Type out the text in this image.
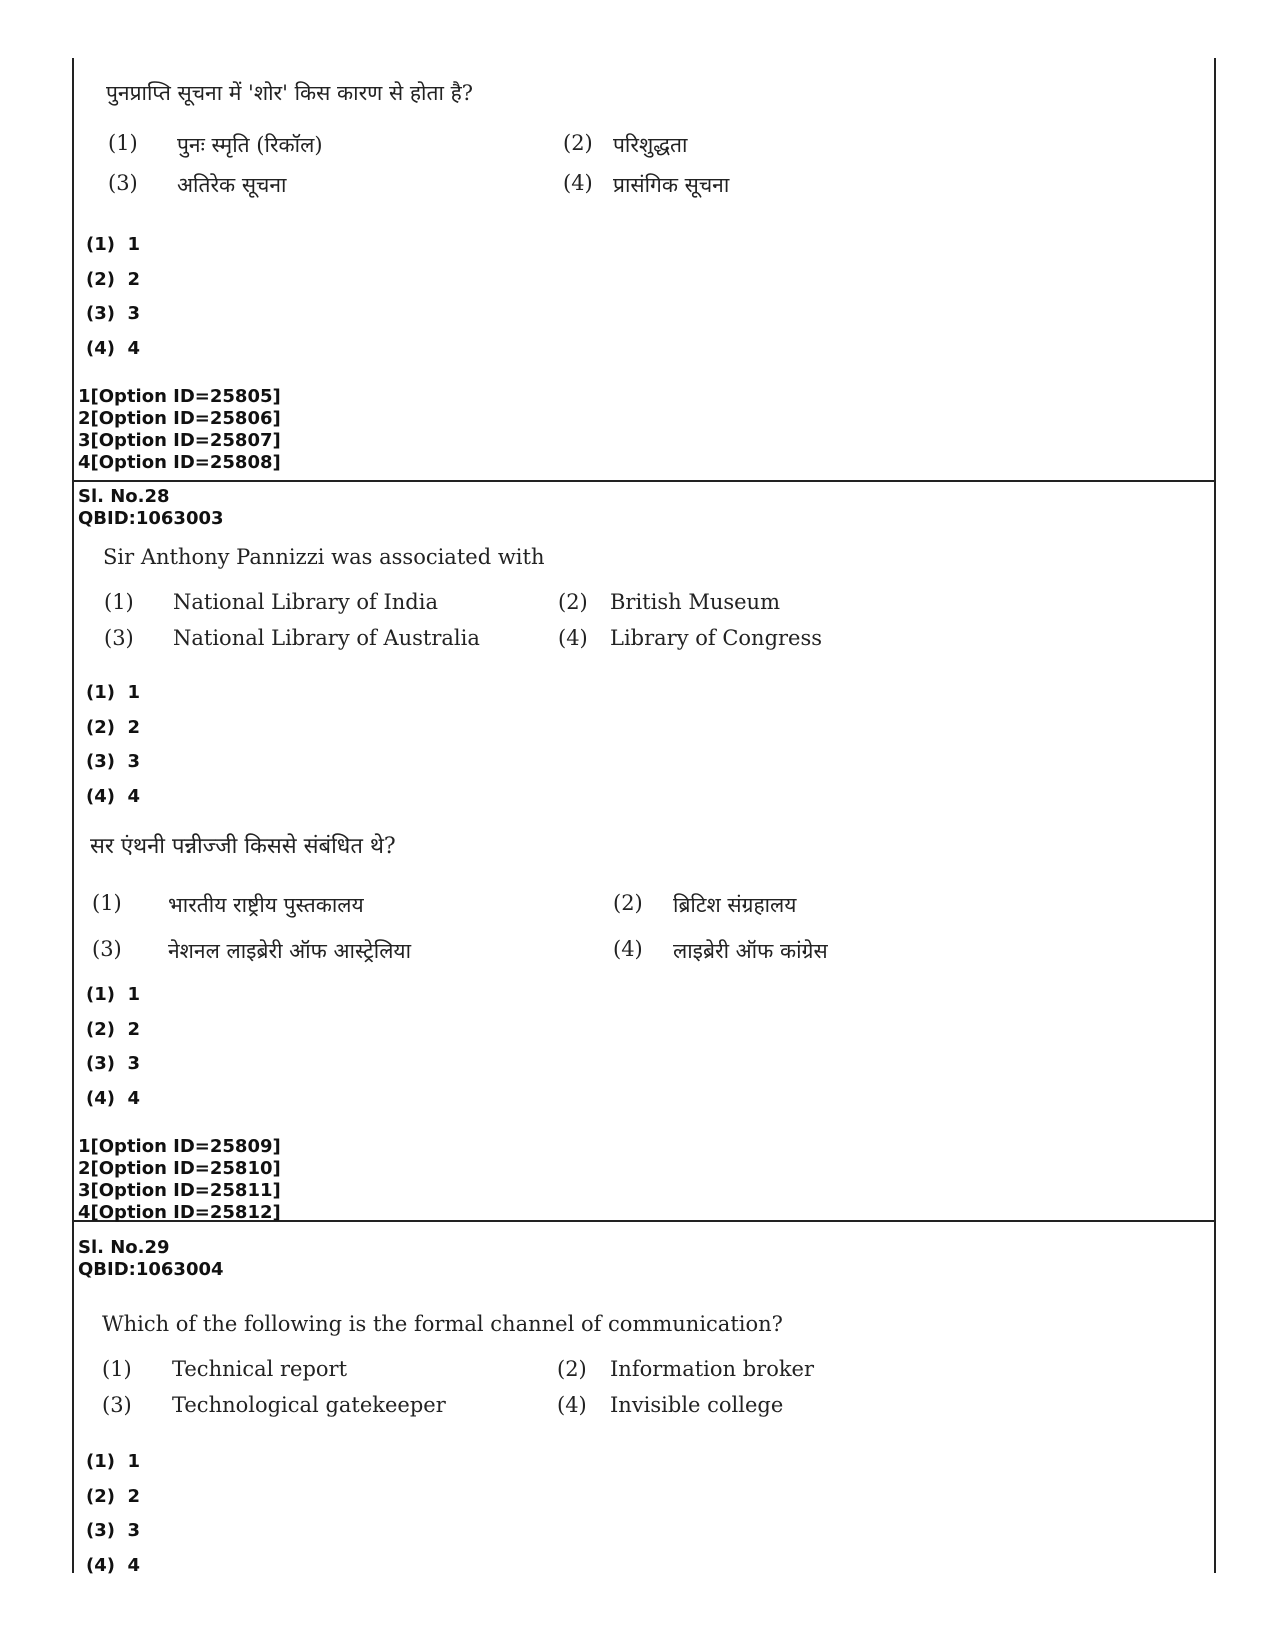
पुनप्राप्ति सूचना में 'शोर' किस कारण से होता है?
(1) पुनः स्मृति (रिकॉल)	(2) परिशुद्धता
(3) अतिरेक सूचना	(4) प्रासंगिक सूचना
(1)  1
(2)  2
(3)  3
(4)  4
1[Option ID=25805]
2[Option ID=25806]
3[Option ID=25807]
4[Option ID=25808]
Sl. No.28
QBID:1063003
Sir Anthony Pannizzi was associated with
(1) National Library of India	(2) British Museum
(3) National Library of Australia	(4) Library of Congress
(1)  1
(2)  2
(3)  3
(4)  4
सर एंथनी पन्नीज्जी किससे संबंधित थे?
(1) भारतीय राष्ट्रीय पुस्तकालय	(2) ब्रिटिश संग्रहालय
(3) नेशनल लाइब्रेरी ऑफ आस्ट्रेलिया	(4) लाइब्रेरी ऑफ कांग्रेस
(1)  1
(2)  2
(3)  3
(4)  4
1[Option ID=25809]
2[Option ID=25810]
3[Option ID=25811]
4[Option ID=25812]
Sl. No.29
QBID:1063004
Which of the following is the formal channel of communication?
(1) Technical report	(2) Information broker
(3) Technological gatekeeper	(4) Invisible college
(1)  1
(2)  2
(3)  3
(4)  4
